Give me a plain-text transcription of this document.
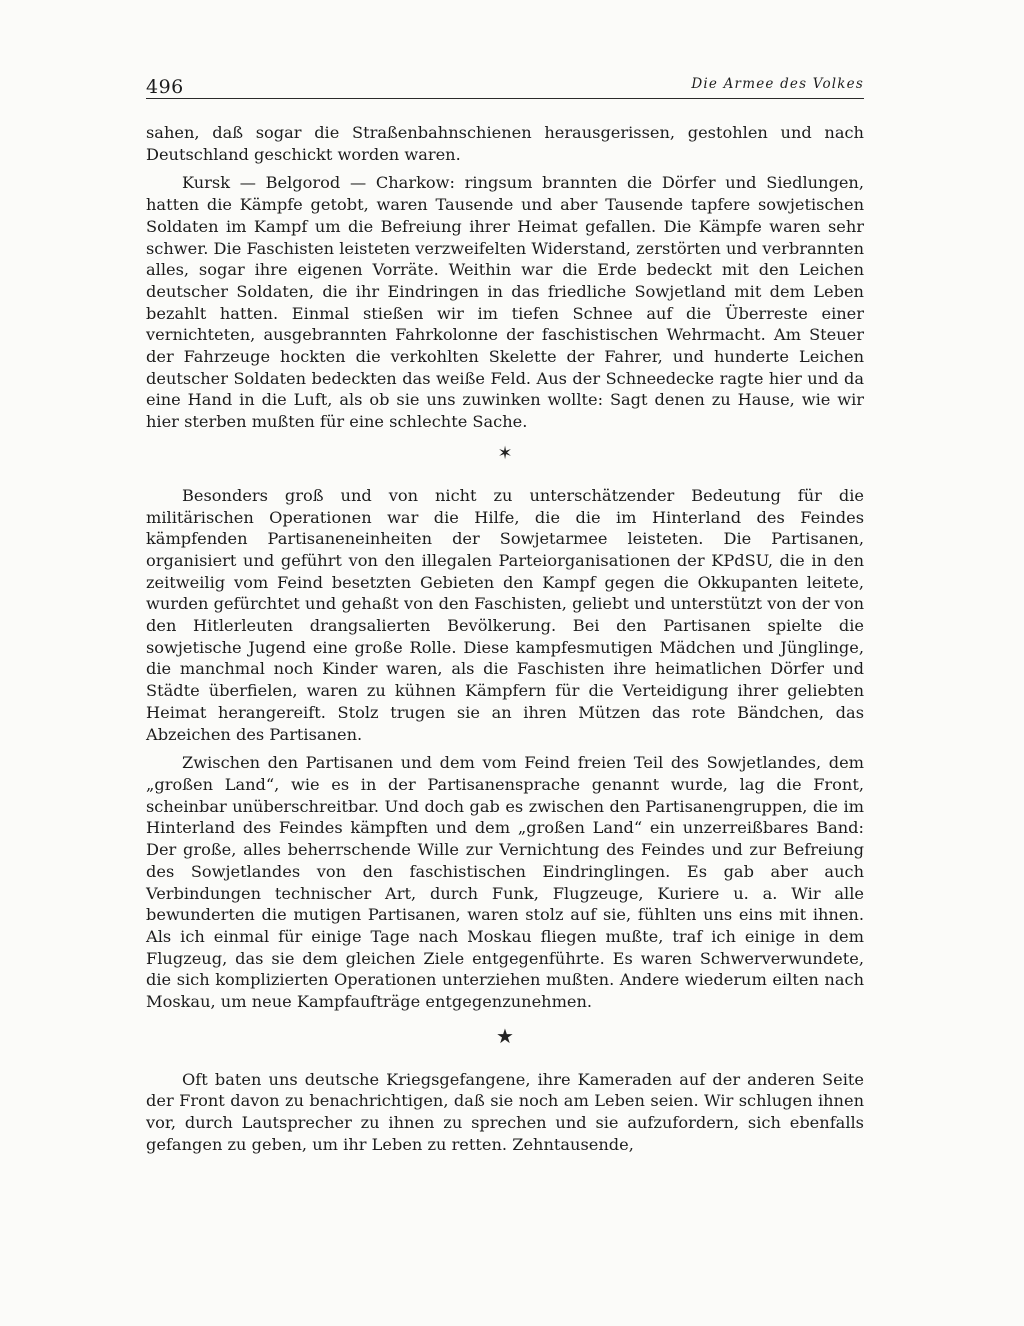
496	Die Armee des Volkes

sahen, daß sogar die Straßenbahnschienen herausgerissen, gestohlen und nach Deutschland geschickt worden waren.

Kursk — Belgorod — Charkow: ringsum brannten die Dörfer und Siedlungen, hatten die Kämpfe getobt, waren Tausende und aber Tausende tapfere sowjetischen Soldaten im Kampf um die Befreiung ihrer Heimat gefallen. Die Kämpfe waren sehr schwer. Die Faschisten leisteten verzweifelten Widerstand, zerstörten und verbrannten alles, sogar ihre eigenen Vorräte. Weithin war die Erde bedeckt mit den Leichen deutscher Soldaten, die ihr Eindringen in das friedliche Sowjetland mit dem Leben bezahlt hatten. Einmal stießen wir im tiefen Schnee auf die Überreste einer vernichteten, ausgebrannten Fahrkolonne der faschistischen Wehrmacht. Am Steuer der Fahrzeuge hockten die verkohlten Skelette der Fahrer, und hunderte Leichen deutscher Soldaten bedeckten das weiße Feld. Aus der Schneedecke ragte hier und da eine Hand in die Luft, als ob sie uns zuwinken wollte: Sagt denen zu Hause, wie wir hier sterben mußten für eine schlechte Sache.

✶

Besonders groß und von nicht zu unterschätzender Bedeutung für die militärischen Operationen war die Hilfe, die die im Hinterland des Feindes kämpfenden Partisaneneinheiten der Sowjetarmee leisteten. Die Partisanen, organisiert und geführt von den illegalen Parteiorganisationen der KPdSU, die in den zeitweilig vom Feind besetzten Gebieten den Kampf gegen die Okkupanten leitete, wurden gefürchtet und gehaßt von den Faschisten, geliebt und unterstützt von der von den Hitlerleuten drangsalierten Bevölkerung. Bei den Partisanen spielte die sowjetische Jugend eine große Rolle. Diese kampfesmutigen Mädchen und Jünglinge, die manchmal noch Kinder waren, als die Faschisten ihre heimatlichen Dörfer und Städte überfielen, waren zu kühnen Kämpfern für die Verteidigung ihrer geliebten Heimat herangereift. Stolz trugen sie an ihren Mützen das rote Bändchen, das Abzeichen des Partisanen.

Zwischen den Partisanen und dem vom Feind freien Teil des Sowjetlandes, dem „großen Land“, wie es in der Partisanensprache genannt wurde, lag die Front, scheinbar unüberschreitbar. Und doch gab es zwischen den Partisanengruppen, die im Hinterland des Feindes kämpften und dem „großen Land“ ein unzerreißbares Band: Der große, alles beherrschende Wille zur Vernichtung des Feindes und zur Befreiung des Sowjetlandes von den faschistischen Eindringlingen. Es gab aber auch Verbindungen technischer Art, durch Funk, Flugzeuge, Kuriere u. a. Wir alle bewunderten die mutigen Partisanen, waren stolz auf sie, fühlten uns eins mit ihnen. Als ich einmal für einige Tage nach Moskau fliegen mußte, traf ich einige in dem Flugzeug, das sie dem gleichen Ziele entgegenführte. Es waren Schwerverwundete, die sich komplizierten Operationen unterziehen mußten. Andere wiederum eilten nach Moskau, um neue Kampfaufträge entgegenzunehmen.

★

Oft baten uns deutsche Kriegsgefangene, ihre Kameraden auf der anderen Seite der Front davon zu benachrichtigen, daß sie noch am Leben seien. Wir schlugen ihnen vor, durch Lautsprecher zu ihnen zu sprechen und sie aufzufordern, sich ebenfalls gefangen zu geben, um ihr Leben zu retten. Zehntausende,
